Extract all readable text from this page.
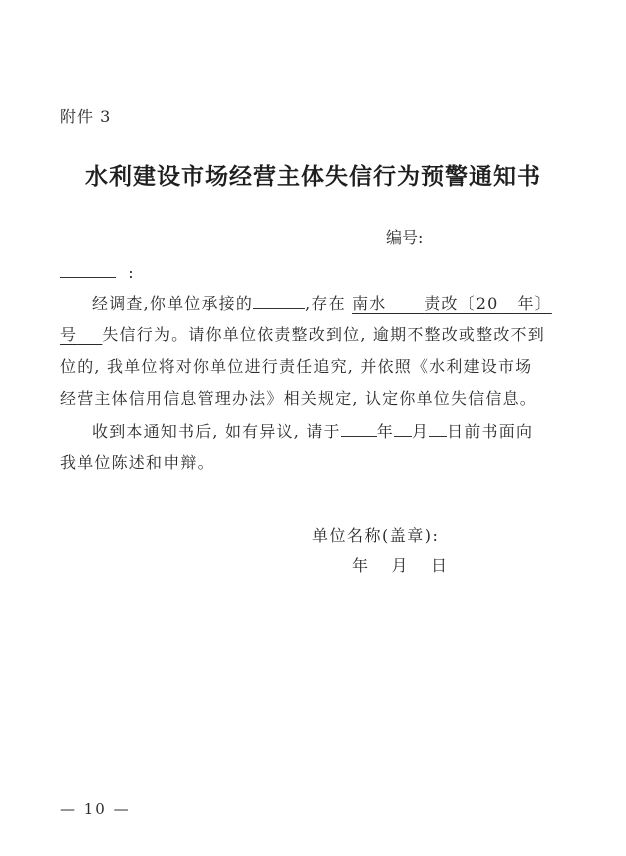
附件 3
水利建设市场经营主体失信行为预警通知书
编号:
:
经调查,你单位承接的	,存在 南水 责改〔20 年〕
号 失信行为。请你单位依责整改到位, 逾期不整改或整改不到
位的, 我单位将对你单位进行责任追究, 并依照《水利建设市场
经营主体信用信息管理办法》相关规定, 认定你单位失信信息。
收到本通知书后, 如有异议, 请于 年 月 日前书面向
我单位陈述和申辩。
单位名称(盖章):
年 月 日
— 10 —
